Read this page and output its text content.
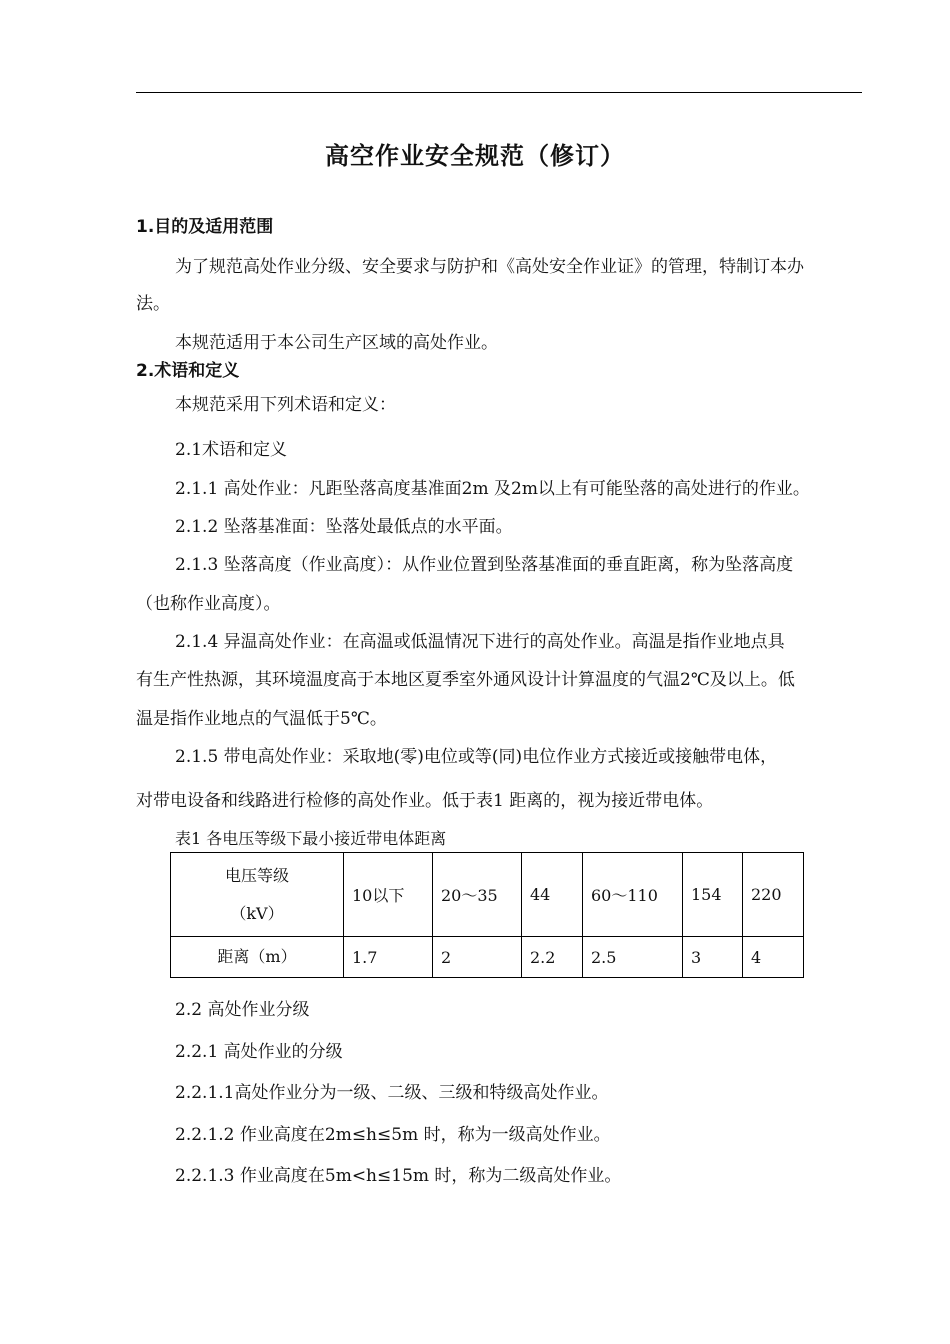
高空作业安全规范（修订）
1.目的及适用范围
为了规范高处作业分级、安全要求与防护和《高处安全作业证》的管理，特制订本办
法。
本规范适用于本公司生产区域的高处作业。
2.术语和定义
本规范采用下列术语和定义：
2.1术语和定义
2.1.1 高处作业：凡距坠落高度基准面2m 及2m以上有可能坠落的高处进行的作业。
2.1.2 坠落基准面：坠落处最低点的水平面。
2.1.3 坠落高度（作业高度）：从作业位置到坠落基准面的垂直距离，称为坠落高度
（也称作业高度）。
2.1.4 异温高处作业：在高温或低温情况下进行的高处作业。高温是指作业地点具
有生产性热源，其环境温度高于本地区夏季室外通风设计计算温度的气温2℃及以上。低
温是指作业地点的气温低于5℃。
2.1.5 带电高处作业：采取地(零)电位或等(同)电位作业方式接近或接触带电体，
对带电设备和线路进行检修的高处作业。低于表1 距离的，视为接近带电体。
表1 各电压等级下最小接近带电体距离
电压等级
（kV）	10以下	20～35	44	60～110	154	220
距离（m）	1.7	2	2.2	2.5	3	4
2.2 高处作业分级
2.2.1 高处作业的分级
2.2.1.1高处作业分为一级、二级、三级和特级高处作业。
2.2.1.2 作业高度在2m≤h≤5m 时，称为一级高处作业。
2.2.1.3 作业高度在5m<h≤15m 时，称为二级高处作业。
